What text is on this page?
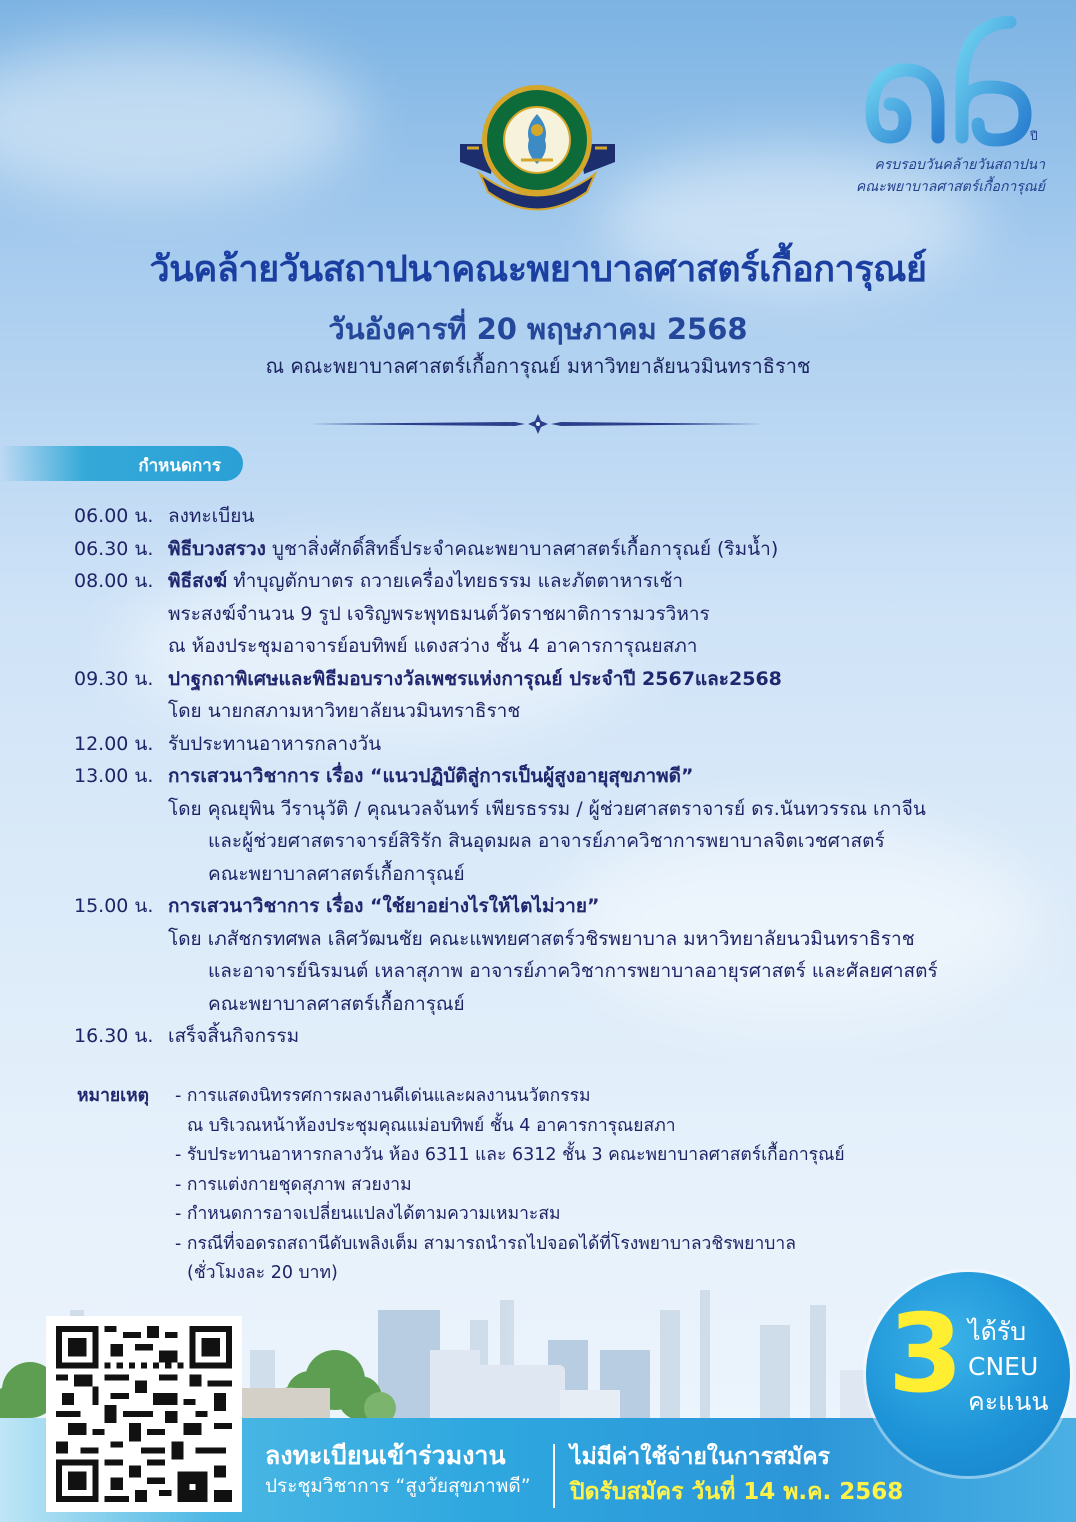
ปี
ครบรอบวันคล้ายวันสถาปนา
คณะพยาบาลศาสตร์เกื้อการุณย์
วันคล้ายวันสถาปนาคณะพยาบาลศาสตร์เกื้อการุณย์
วันอังคารที่ 20 พฤษภาคม 2568
ณ คณะพยาบาลศาสตร์เกื้อการุณย์ มหาวิทยาลัยนวมินทราธิราช
กำหนดการ
06.00 น. ลงทะเบียน
06.30 น. พิธีบวงสรวง บูชาสิ่งศักดิ์สิทธิ์ประจำคณะพยาบาลศาสตร์เกื้อการุณย์ (ริมน้ำ)
08.00 น. พิธีสงฆ์ ทำบุญตักบาตร ถวายเครื่องไทยธรรม และภัตตาหารเช้า
พระสงฆ์จำนวน 9 รูป เจริญพระพุทธมนต์วัดราชผาติการามวรวิหาร
ณ ห้องประชุมอาจารย์อบทิพย์ แดงสว่าง ชั้น 4 อาคารการุณยสภา
09.30 น. ปาฐกถาพิเศษและพิธีมอบรางวัลเพชรแห่งการุณย์ ประจำปี 2567และ2568
โดย นายกสภามหาวิทยาลัยนวมินทราธิราช
12.00 น. รับประทานอาหารกลางวัน
13.00 น. การเสวนาวิชาการ เรื่อง “แนวปฏิบัติสู่การเป็นผู้สูงอายุสุขภาพดี”
โดย คุณยุพิน วีรานุวัติ / คุณนวลจันทร์ เพียรธรรม / ผู้ช่วยศาสตราจารย์ ดร.นันทวรรณ เกาจีน
และผู้ช่วยศาสตราจารย์สิริรัก สินอุดมผล อาจารย์ภาควิชาการพยาบาลจิตเวชศาสตร์
คณะพยาบาลศาสตร์เกื้อการุณย์
15.00 น. การเสวนาวิชาการ เรื่อง “ใช้ยาอย่างไรให้ไตไม่วาย”
โดย เภสัชกรทศพล เลิศวัฒนชัย คณะแพทยศาสตร์วชิรพยาบาล มหาวิทยาลัยนวมินทราธิราช
และอาจารย์นิรมนต์ เหลาสุภาพ อาจารย์ภาควิชาการพยาบาลอายุรศาสตร์ และศัลยศาสตร์
คณะพยาบาลศาสตร์เกื้อการุณย์
16.30 น. เสร็จสิ้นกิจกรรม
หมายเหตุ	- การแสดงนิทรรศการผลงานดีเด่นและผลงานนวัตกรรม
ณ บริเวณหน้าห้องประชุมคุณแม่อบทิพย์ ชั้น 4 อาคารการุณยสภา
- รับประทานอาหารกลางวัน ห้อง 6311 และ 6312 ชั้น 3 คณะพยาบาลศาสตร์เกื้อการุณย์
- การแต่งกายชุดสุภาพ สวยงาม
- กำหนดการอาจเปลี่ยนแปลงได้ตามความเหมาะสม
- กรณีที่จอดรถสถานีดับเพลิงเต็ม สามารถนำรถไปจอดได้ที่โรงพยาบาลวชิรพยาบาล
(ชั่วโมงละ 20 บาท)
ลงทะเบียนเข้าร่วมงาน
ประชุมวิชาการ “สูงวัยสุขภาพดี”
ไม่มีค่าใช้จ่ายในการสมัคร
ปิดรับสมัคร วันที่ 14 พ.ค. 2568
3 ได้รับ
CNEU
คะแนน
